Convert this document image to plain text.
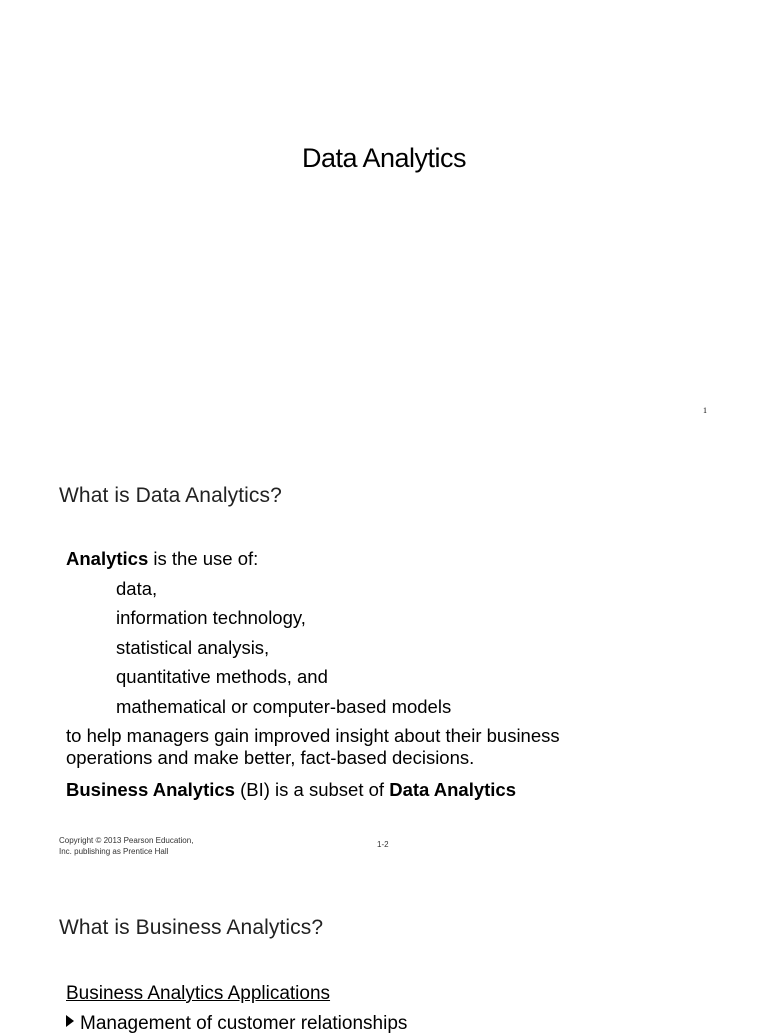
Data Analytics
1
What is Data Analytics?
Analytics is the use of:
data,
information technology,
statistical analysis,
quantitative methods, and
mathematical or computer-based models
to help managers gain improved insight about their business operations and make better, fact-based decisions.
Business Analytics (BI) is a subset of Data Analytics
Copyright © 2013 Pearson Education,
Inc. publishing as Prentice Hall
1-2
What is Business Analytics?
Business Analytics Applications
Management of customer relationships
